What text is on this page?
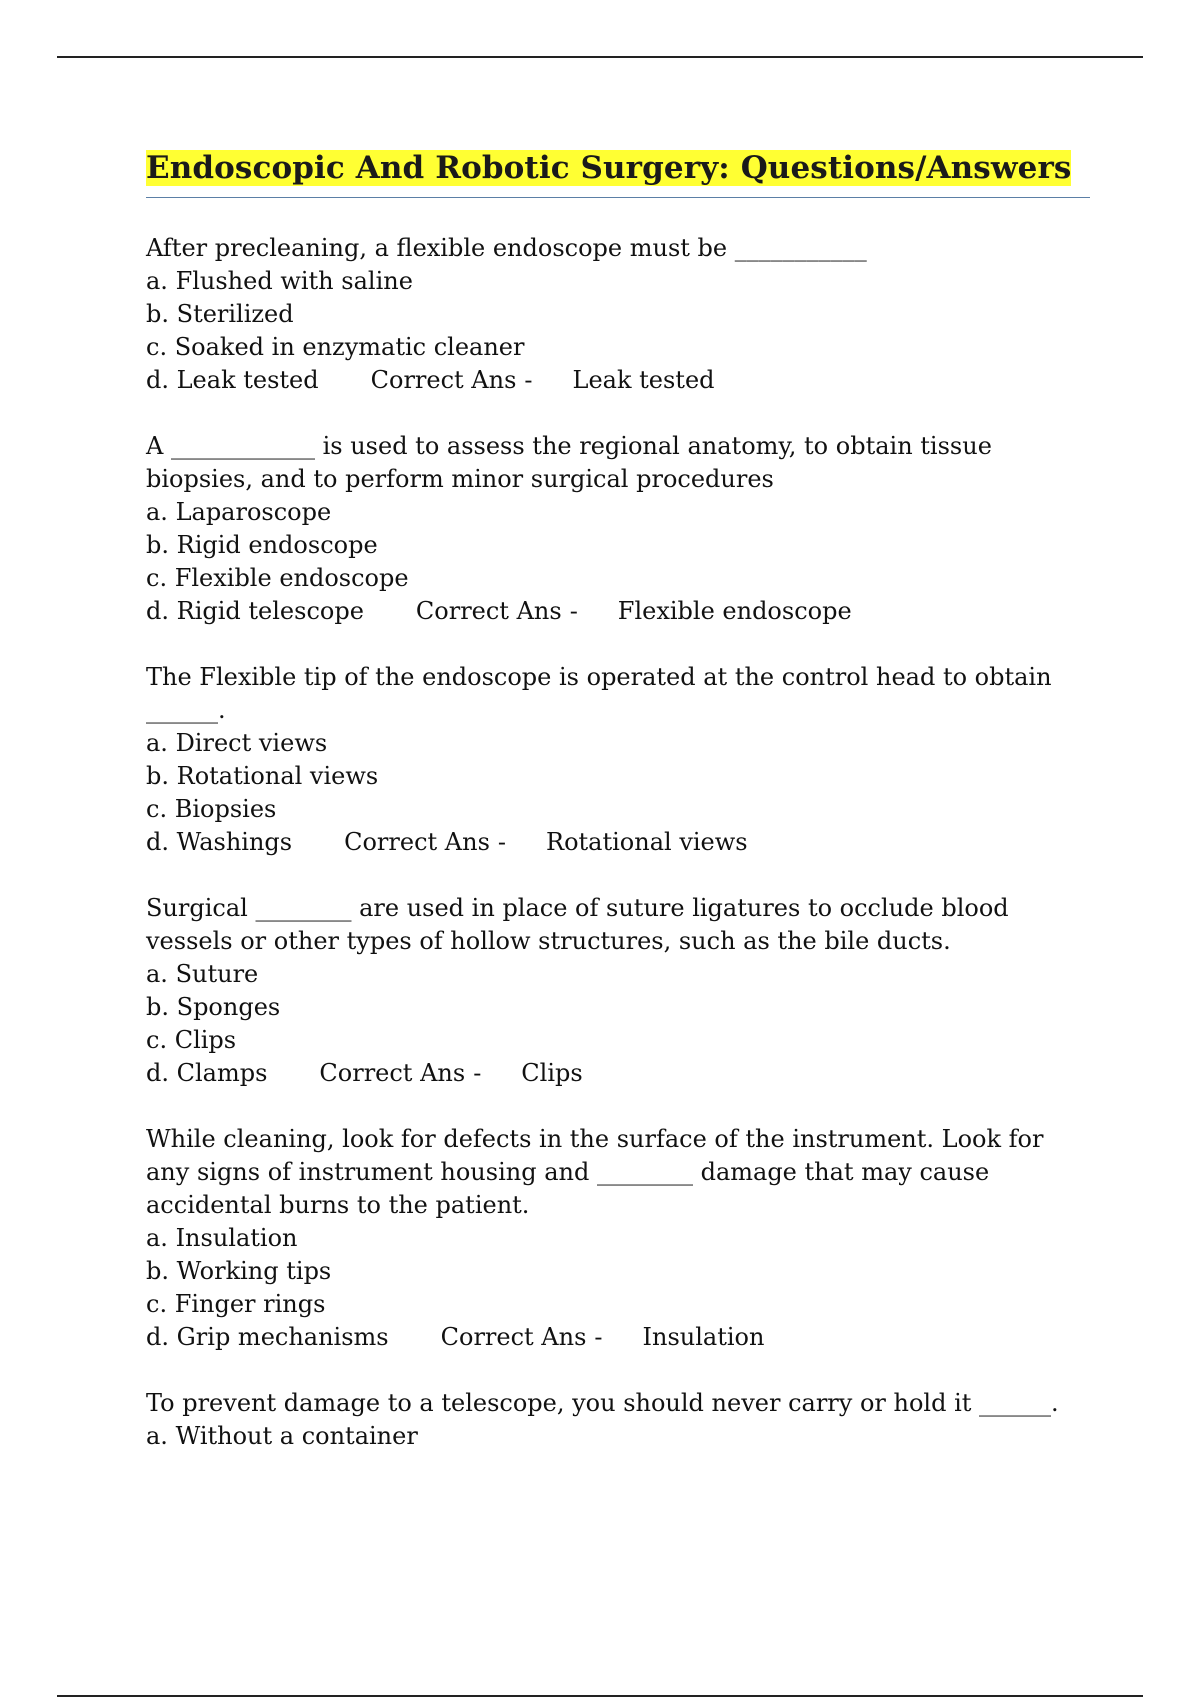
Endoscopic And Robotic Surgery: Questions/Answers
After precleaning, a flexible endoscope must be ___________
a. Flushed with saline
b. Sterilized
c. Soaked in enzymatic cleaner
d. Leak tested Correct Ans - Leak tested
A ____________ is used to assess the regional anatomy, to obtain tissue biopsies, and to perform minor surgical procedures
a. Laparoscope
b. Rigid endoscope
c. Flexible endoscope
d. Rigid telescope Correct Ans - Flexible endoscope
The Flexible tip of the endoscope is operated at the control head to obtain ______.
a. Direct views
b. Rotational views
c. Biopsies
d. Washings Correct Ans - Rotational views
Surgical ________ are used in place of suture ligatures to occlude blood vessels or other types of hollow structures, such as the bile ducts.
a. Suture
b. Sponges
c. Clips
d. Clamps Correct Ans - Clips
While cleaning, look for defects in the surface of the instrument. Look for any signs of instrument housing and ________ damage that may cause accidental burns to the patient.
a. Insulation
b. Working tips
c. Finger rings
d. Grip mechanisms Correct Ans - Insulation
To prevent damage to a telescope, you should never carry or hold it ______.
a. Without a container
